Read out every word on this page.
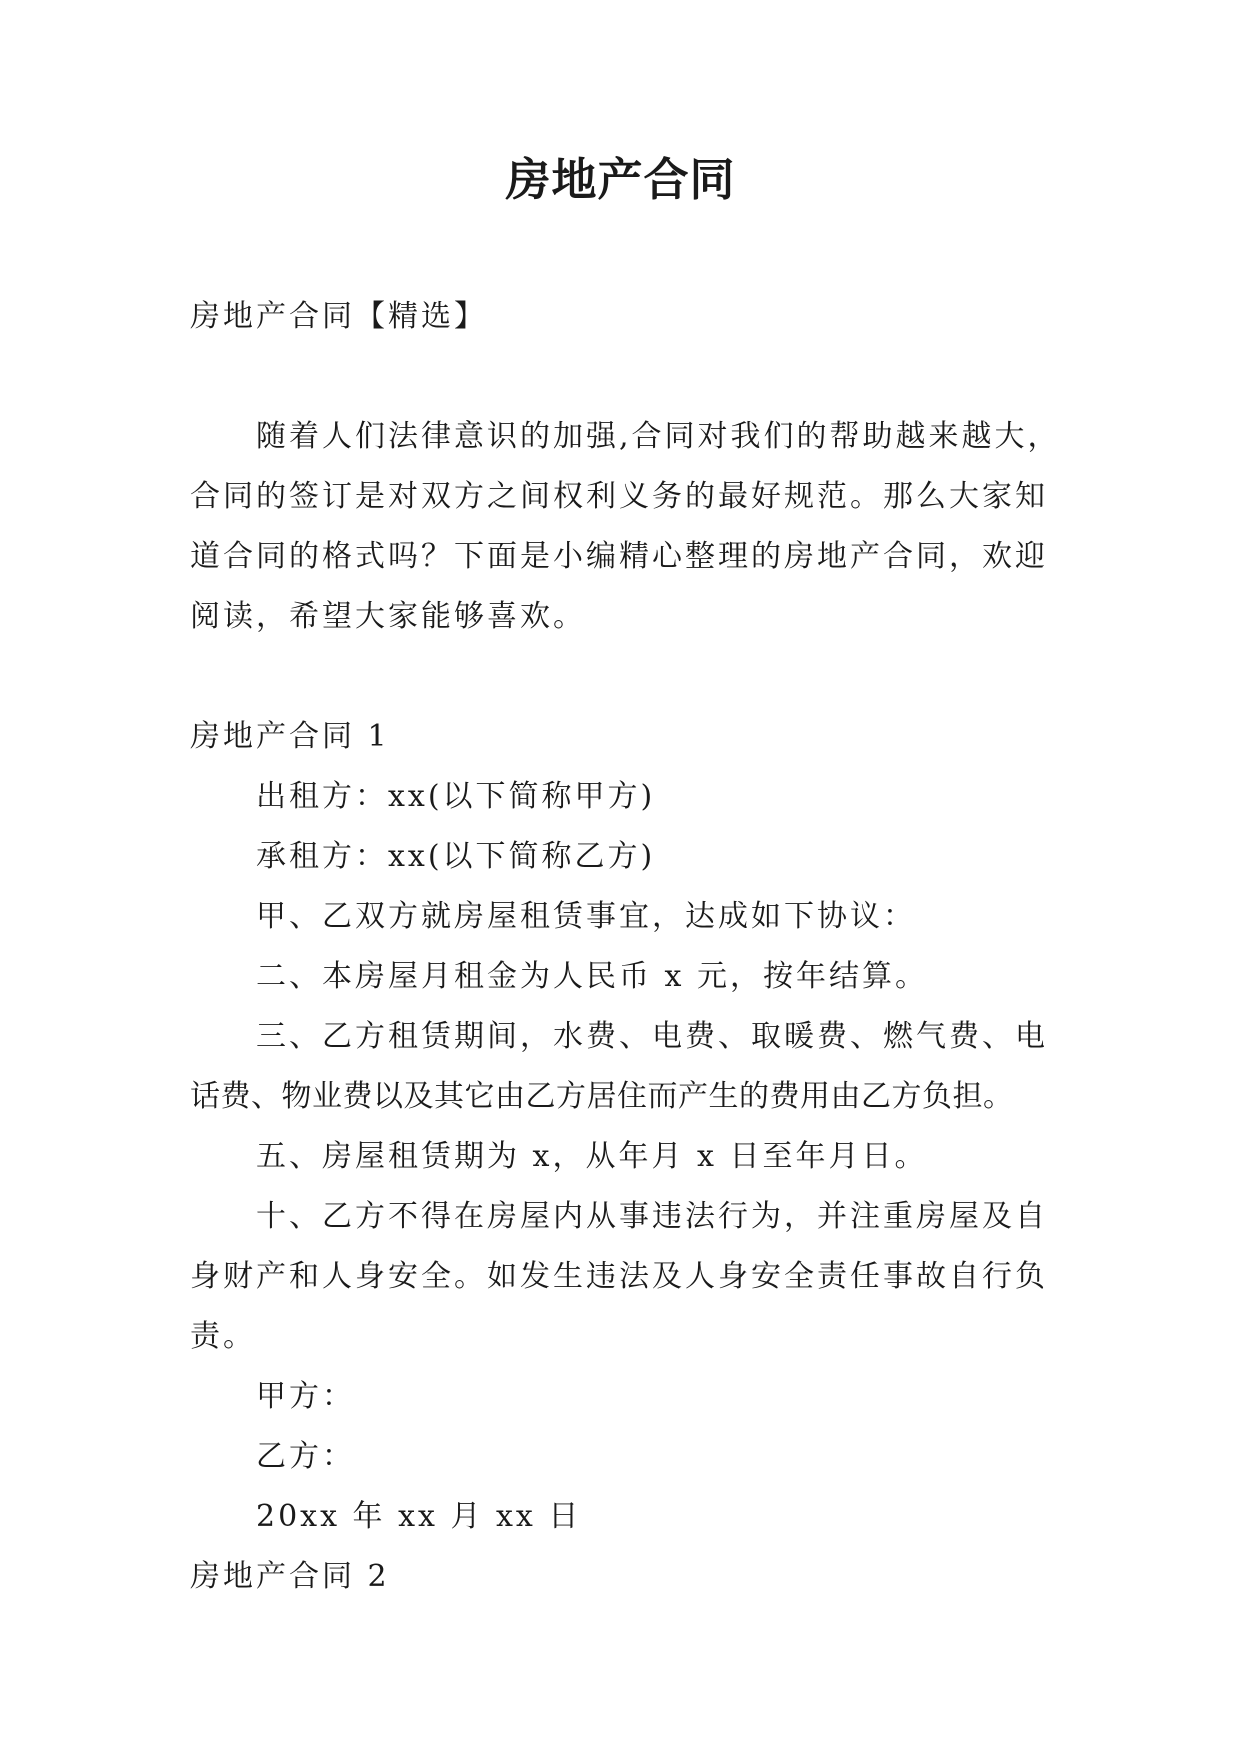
房地产合同
房地产合同【精选】
随着人们法律意识的加强,合同对我们的帮助越来越大，
合同的签订是对双方之间权利义务的最好规范。那么大家知
道合同的格式吗？下面是小编精心整理的房地产合同，欢迎
阅读，希望大家能够喜欢。
房地产合同 1
出租方：xx(以下简称甲方)
承租方：xx(以下简称乙方)
甲、乙双方就房屋租赁事宜，达成如下协议：
二、本房屋月租金为人民币 x 元，按年结算。
三、乙方租赁期间，水费、电费、取暖费、燃气费、电
话费、物业费以及其它由乙方居住而产生的费用由乙方负担。
五、房屋租赁期为 x，从年月 x 日至年月日。
十、乙方不得在房屋内从事违法行为，并注重房屋及自
身财产和人身安全。如发生违法及人身安全责任事故自行负
责。
甲方：
乙方：
20xx 年 xx 月 xx 日
房地产合同 2
